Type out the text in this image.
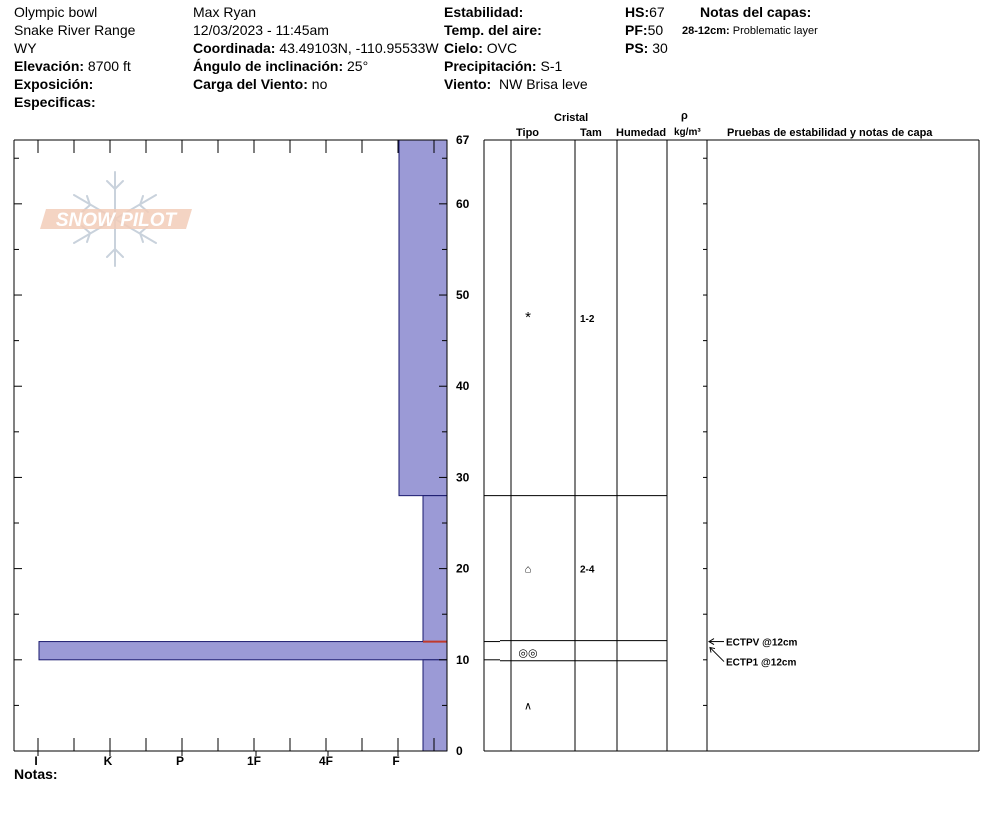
Olympic bowl
Snake River Range
WY
Elevación: 8700 ft
Exposición:
Especificas:
Max Ryan
12/03/2023 - 11:45am
Coordinada: 43.49103N, -110.95533W
Ángulo de inclinación: 25°
Carga del Viento: no
Estabilidad:
Temp. del aire:
Cielo: OVC
Precipitación: S-1
Viento: NW Brisa leve
HS:67
PF:50
PS: 30
Notas del capas:
28-12cm: Problematic layer
Notas:
Cristal
Tipo	Tam Humedad
ρ
kg/m³ Pruebas de estabilidad y notas de capa
SNOW PILOT
I	K	P	1F	4F	F
0
10
20
30
40
50
60
67
*	1-2
⌂	2-4
◎◎
∧
ECTPV @12cm
ECTP1 @12cm
